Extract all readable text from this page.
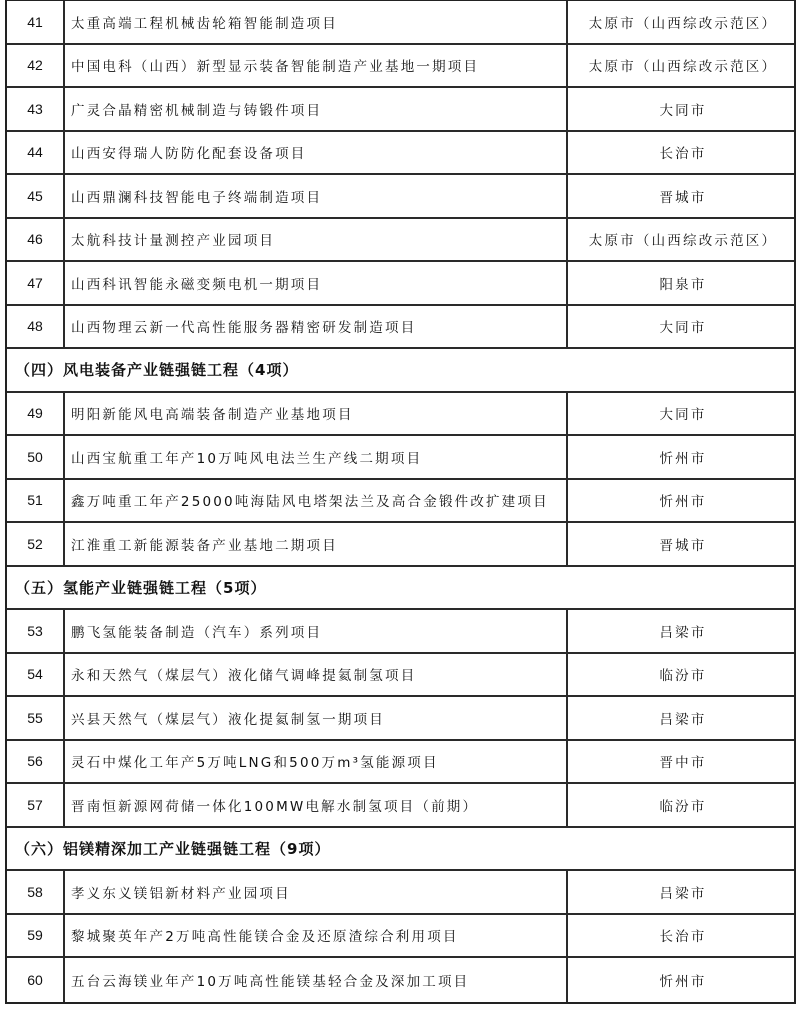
41	太重高端工程机械齿轮箱智能制造项目	太原市（山西综改示范区）
42	中国电科（山西）新型显示装备智能制造产业基地一期项目	太原市（山西综改示范区）
43	广灵合晶精密机械制造与铸锻件项目	大同市
44	山西安得瑞人防防化配套设备项目	长治市
45	山西鼎澜科技智能电子终端制造项目	晋城市
46	太航科技计量测控产业园项目	太原市（山西综改示范区）
47	山西科讯智能永磁变频电机一期项目	阳泉市
48	山西物理云新一代高性能服务器精密研发制造项目	大同市
（四）风电装备产业链强链工程（4项）
49	明阳新能风电高端装备制造产业基地项目	大同市
50	山西宝航重工年产10万吨风电法兰生产线二期项目	忻州市
51	鑫万吨重工年产25000吨海陆风电塔架法兰及高合金锻件改扩建项目	忻州市
52	江淮重工新能源装备产业基地二期项目	晋城市
（五）氢能产业链强链工程（5项）
53	鹏飞氢能装备制造（汽车）系列项目	吕梁市
54	永和天然气（煤层气）液化储气调峰提氦制氢项目	临汾市
55	兴县天然气（煤层气）液化提氦制氢一期项目	吕梁市
56	灵石中煤化工年产5万吨LNG和500万m³氢能源项目	晋中市
57	晋南恒新源网荷储一体化100MW电解水制氢项目（前期）	临汾市
（六）铝镁精深加工产业链强链工程（9项）
58	孝义东义镁铝新材料产业园项目	吕梁市
59	黎城聚英年产2万吨高性能镁合金及还原渣综合利用项目	长治市
60	五台云海镁业年产10万吨高性能镁基轻合金及深加工项目	忻州市
